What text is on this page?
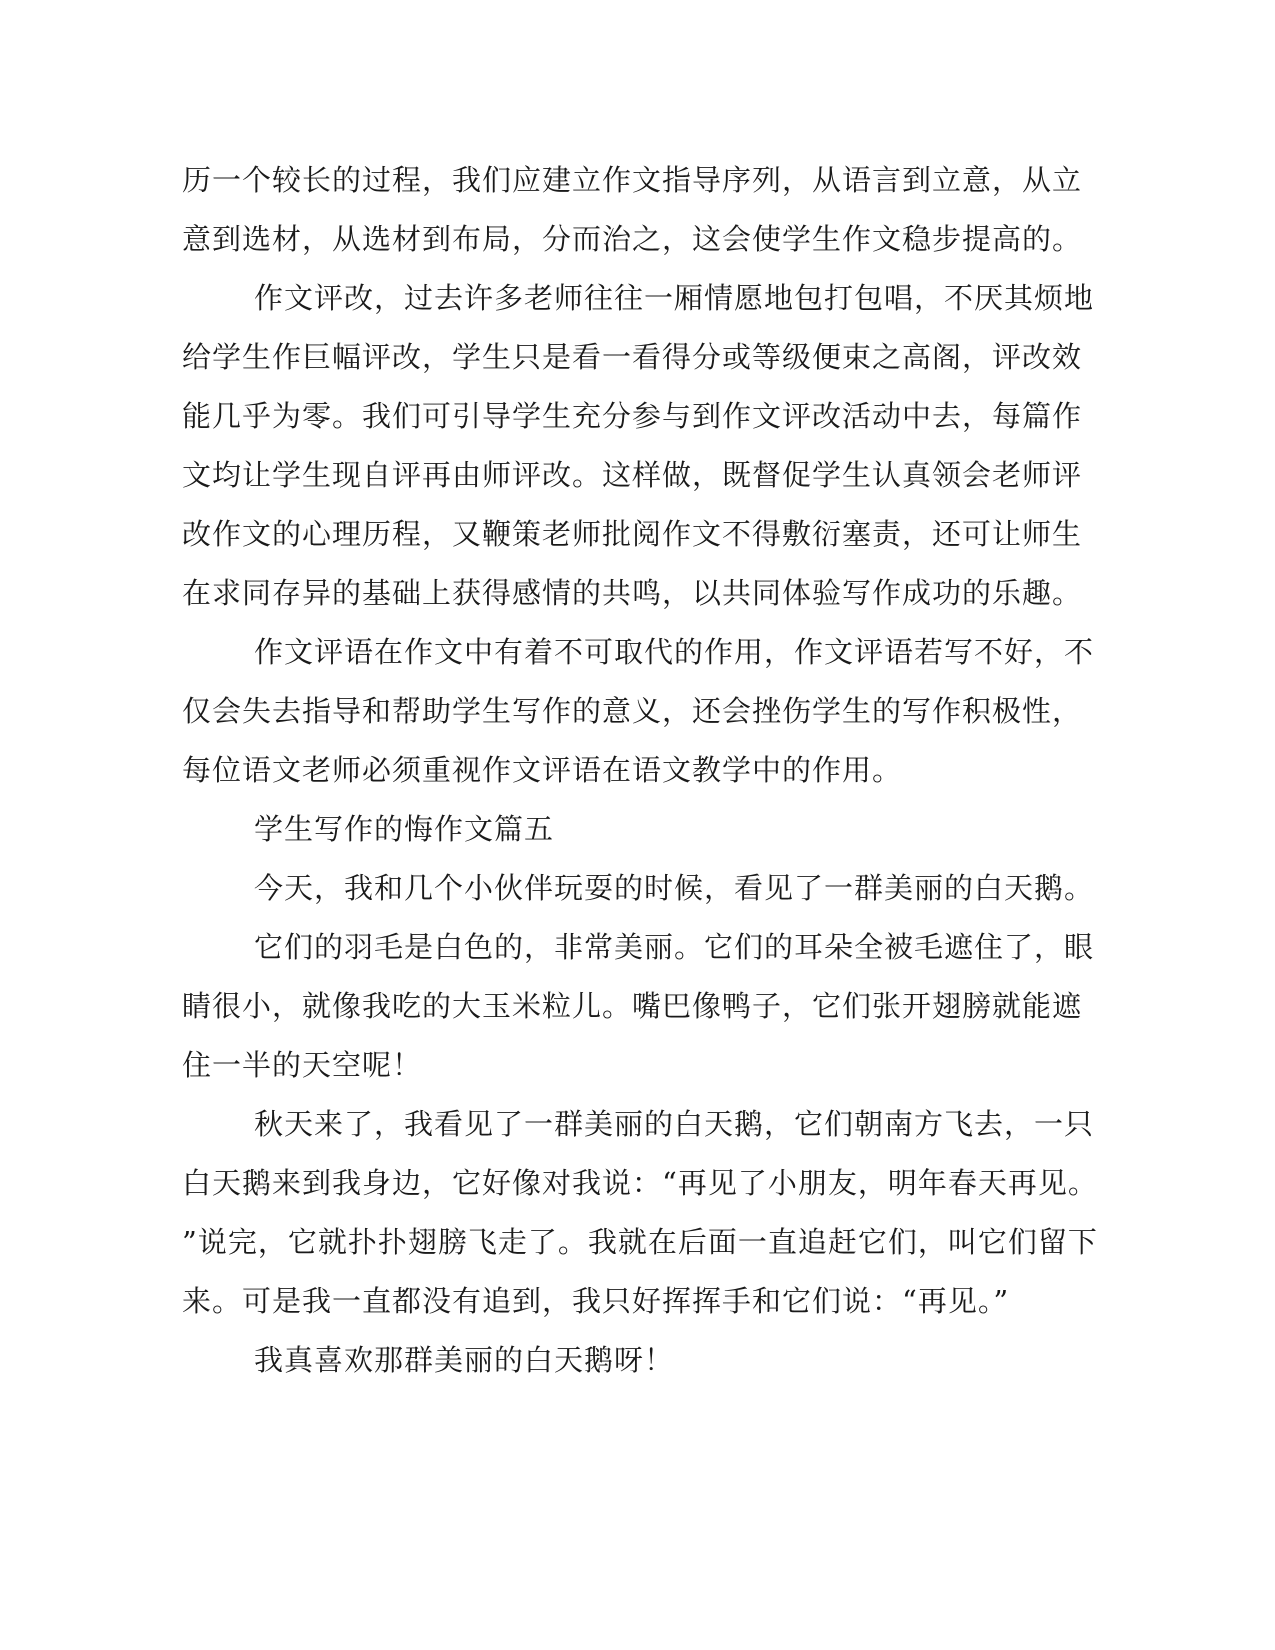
历一个较长的过程，我们应建立作文指导序列，从语言到立意，从立
意到选材，从选材到布局，分而治之，这会使学生作文稳步提高的。
作文评改，过去许多老师往往一厢情愿地包打包唱，不厌其烦地
给学生作巨幅评改，学生只是看一看得分或等级便束之高阁，评改效
能几乎为零。我们可引导学生充分参与到作文评改活动中去，每篇作
文均让学生现自评再由师评改。这样做，既督促学生认真领会老师评
改作文的心理历程，又鞭策老师批阅作文不得敷衍塞责，还可让师生
在求同存异的基础上获得感情的共鸣，以共同体验写作成功的乐趣。
作文评语在作文中有着不可取代的作用，作文评语若写不好，不
仅会失去指导和帮助学生写作的意义，还会挫伤学生的写作积极性，
每位语文老师必须重视作文评语在语文教学中的作用。
学生写作的悔作文篇五
今天，我和几个小伙伴玩耍的时候，看见了一群美丽的白天鹅。
它们的羽毛是白色的，非常美丽。它们的耳朵全被毛遮住了，眼
睛很小，就像我吃的大玉米粒儿。嘴巴像鸭子，它们张开翅膀就能遮
住一半的天空呢！
秋天来了，我看见了一群美丽的白天鹅，它们朝南方飞去，一只
白天鹅来到我身边，它好像对我说：“再见了小朋友，明年春天再见。
”说完，它就扑扑翅膀飞走了。我就在后面一直追赶它们，叫它们留下
来。可是我一直都没有追到，我只好挥挥手和它们说：“再见。”
我真喜欢那群美丽的白天鹅呀！
